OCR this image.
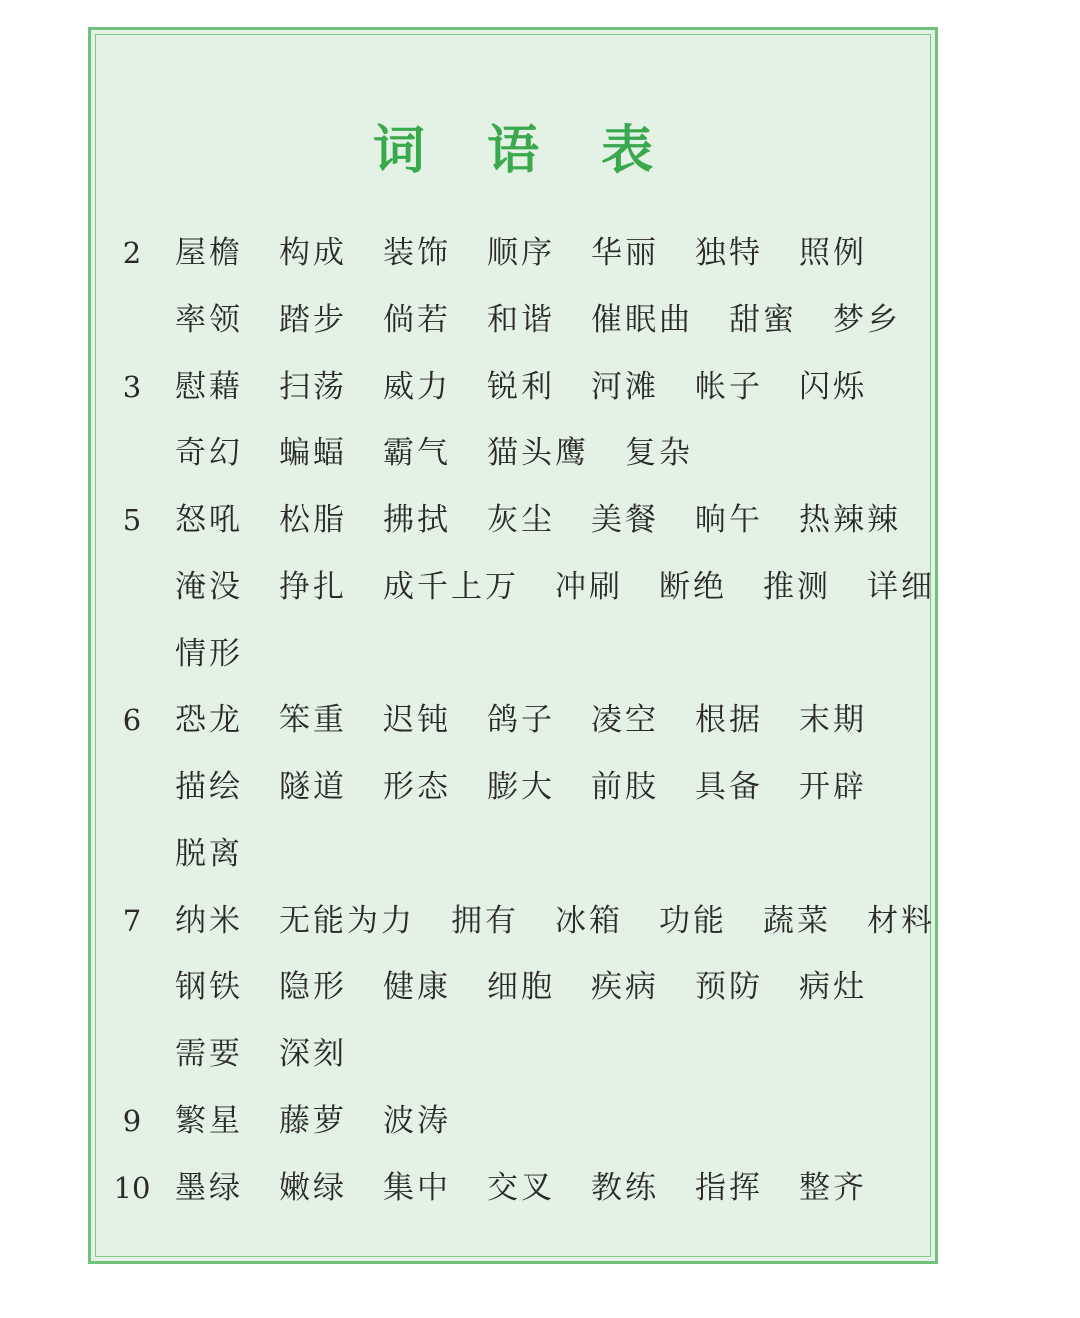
词 语 表
2	屋檐 构成 装饰 顺序 华丽 独特 照例
率领 踏步 倘若 和谐 催眠曲 甜蜜 梦乡
3	慰藉 扫荡 威力 锐利 河滩 帐子 闪烁
奇幻 蝙蝠 霸气 猫头鹰 复杂
5	怒吼 松脂 拂拭 灰尘 美餐 晌午 热辣辣
淹没 挣扎 成千上万 冲刷 断绝 推测 详细
情形
6	恐龙 笨重 迟钝 鸽子 凌空 根据 末期
描绘 隧道 形态 膨大 前肢 具备 开辟
脱离
7	纳米 无能为力 拥有 冰箱 功能 蔬菜 材料
钢铁 隐形 健康 细胞 疾病 预防 病灶
需要 深刻
9	繁星 藤萝 波涛
10 墨绿 嫩绿 集中 交叉 教练 指挥 整齐
